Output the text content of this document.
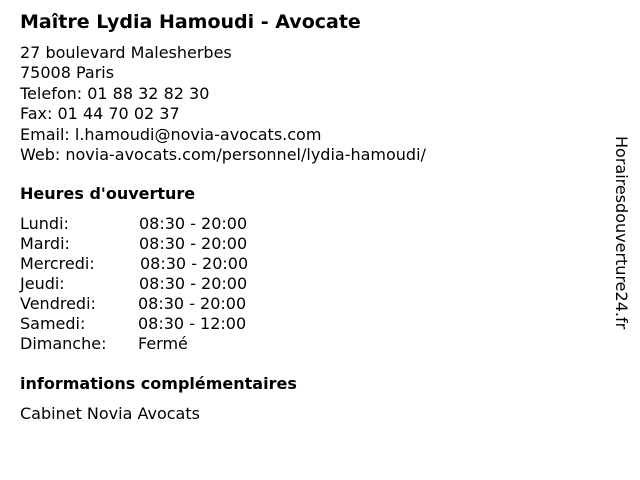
Maître Lydia Hamoudi - Avocate
27 boulevard Malesherbes
75008 Paris
Telefon: 01 88 32 82 30
Fax: 01 44 70 02 37
Email: l.hamoudi@novia-avocats.com
Web: novia-avocats.com/personnel/lydia-hamoudi/
Heures d'ouverture
Lundi:	08:30 - 20:00
Mardi:	08:30 - 20:00
Mercredi:	08:30 - 20:00
Jeudi:	08:30 - 20:00
Vendredi:	08:30 - 20:00
Samedi:	08:30 - 12:00
Dimanche: Fermé
informations complémentaires
Cabinet Novia Avocats
Horairesdouverture24.fr
